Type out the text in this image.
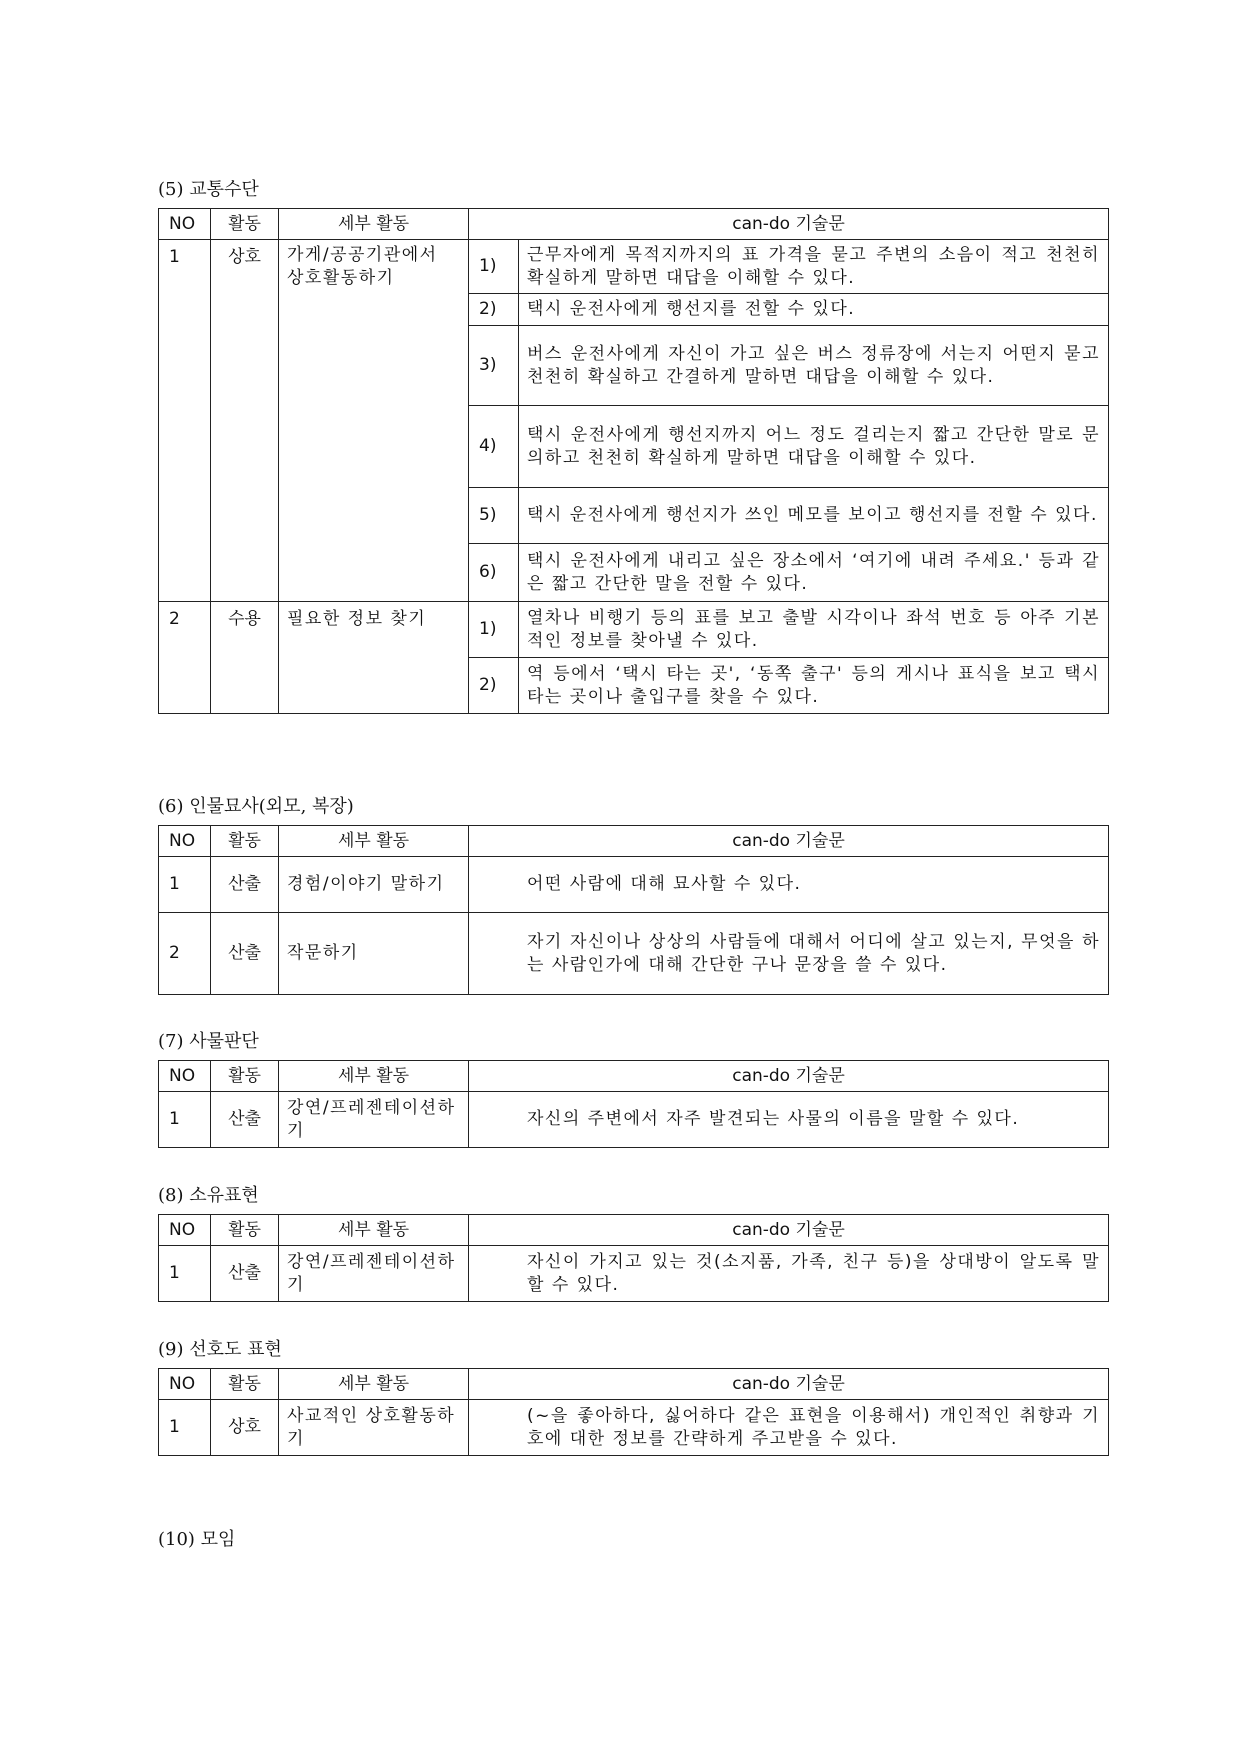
(5) 교통수단
NO	활동	세부 활동	can-do 기술문	
1	상호	가게/공공기관에서 상호활동하기	1)	근무자에게 목적지까지의 표 가격을 묻고 주변의 소음이 적고 천천히 확실하게 말하면 대답을 이해할 수 있다.
			2)	택시 운전사에게 행선지를 전할 수 있다.
			3)	버스 운전사에게 자신이 가고 싶은 버스 정류장에 서는지 어떤지 묻고 천천히 확실하고 간결하게 말하면 대답을 이해할 수 있다.
			4)	택시 운전사에게 행선지까지 어느 정도 걸리는지 짧고 간단한 말로 문의하고 천천히 확실하게 말하면 대답을 이해할 수 있다.
			5)	택시 운전사에게 행선지가 쓰인 메모를 보이고 행선지를 전할 수 있다.
			6)	택시 운전사에게 내리고 싶은 장소에서 ‘여기에 내려 주세요.' 등과 같은 짧고 간단한 말을 전할 수 있다.
2	수용	필요한 정보 찾기	1)	열차나 비행기 등의 표를 보고 출발 시각이나 좌석 번호 등 아주 기본적인 정보를 찾아낼 수 있다.
			2)	역 등에서 ‘택시 타는 곳', ‘동쪽 출구' 등의 게시나 표식을 보고 택시 타는 곳이나 출입구를 찾을 수 있다.
(6) 인물묘사(외모, 복장)
NO	활동	세부 활동	can-do 기술문
1	산출	경험/이야기 말하기	어떤 사람에 대해 묘사할 수 있다.
2	산출	작문하기	자기 자신이나 상상의 사람들에 대해서 어디에 살고 있는지, 무엇을 하는 사람인가에 대해 간단한 구나 문장을 쓸 수 있다.
(7) 사물판단
NO	활동	세부 활동	can-do 기술문
1	산출	강연/프레젠테이션하기	자신의 주변에서 자주 발견되는 사물의 이름을 말할 수 있다.
(8) 소유표현
NO	활동	세부 활동	can-do 기술문
1	산출	강연/프레젠테이션하기	자신이 가지고 있는 것(소지품, 가족, 친구 등)을 상대방이 알도록 말할 수 있다.
(9) 선호도 표현
NO	활동	세부 활동	can-do 기술문
1	상호	사교적인 상호활동하기	(~을 좋아하다, 싫어하다 같은 표현을 이용해서) 개인적인 취향과 기호에 대한 정보를 간략하게 주고받을 수 있다.
(10) 모임
